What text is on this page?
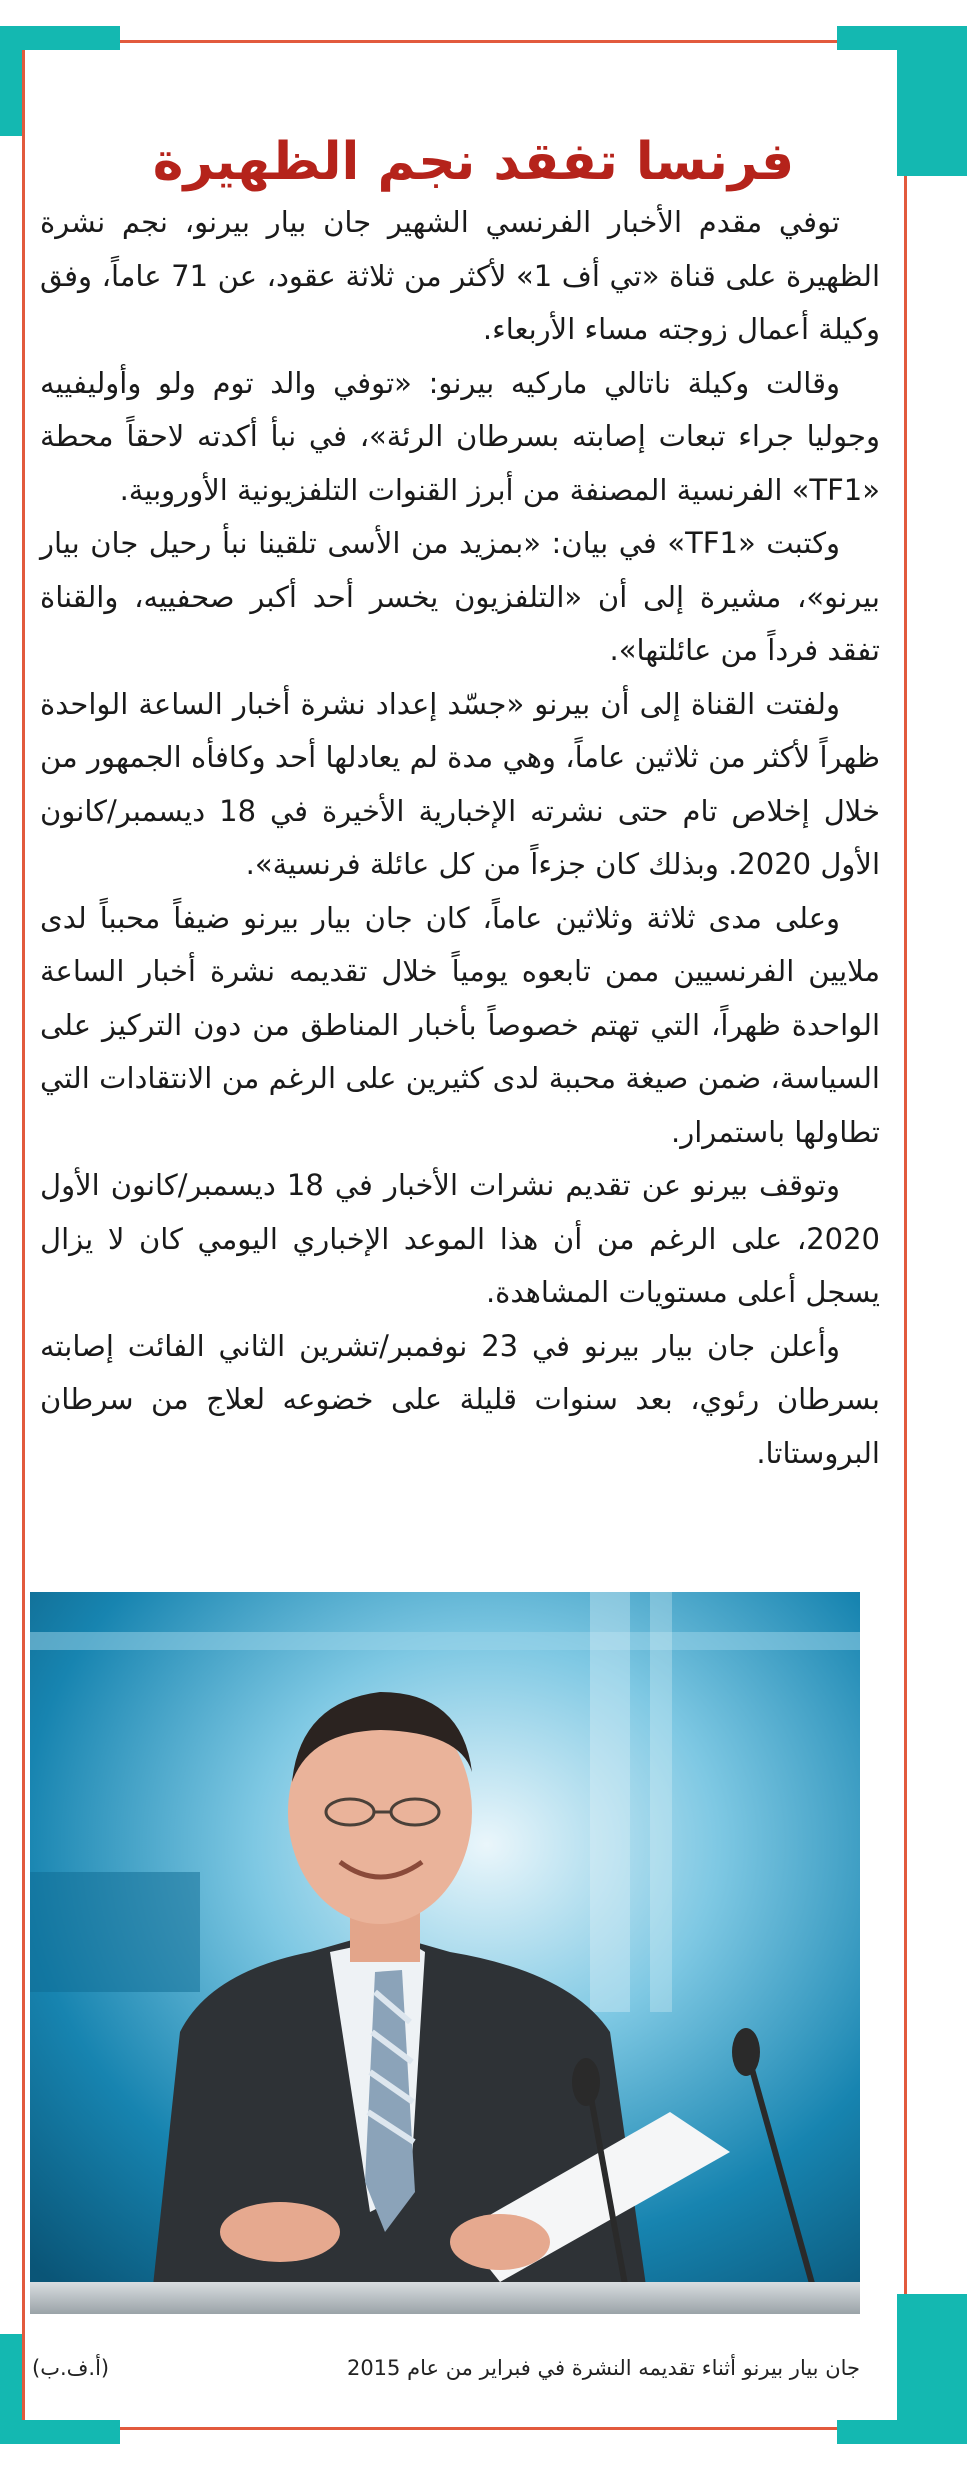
فرنسا تفقد نجم الظهيرة

توفي مقدم الأخبار الفرنسي الشهير جان بيار بيرنو، نجم نشرة الظهيرة على قناة «تي أف 1» لأكثر من ثلاثة عقود، عن 71 عاماً، وفق وكيلة أعمال زوجته مساء الأربعاء.

وقالت وكيلة ناتالي ماركيه بيرنو: «توفي والد توم ولو وأوليفييه وجوليا جراء تبعات إصابته بسرطان الرئة»، في نبأ أكدته لاحقاً محطة «TF1» الفرنسية المصنفة من أبرز القنوات التلفزيونية الأوروبية.

وكتبت «TF1» في بيان: «بمزيد من الأسى تلقينا نبأ رحيل جان بيار بيرنو»، مشيرة إلى أن «التلفزيون يخسر أحد أكبر صحفييه، والقناة تفقد فرداً من عائلتها».

ولفتت القناة إلى أن بيرنو «جسّد إعداد نشرة أخبار الساعة الواحدة ظهراً لأكثر من ثلاثين عاماً، وهي مدة لم يعادلها أحد وكافأه الجمهور من خلال إخلاص تام حتى نشرته الإخبارية الأخيرة في 18 ديسمبر/كانون الأول 2020. وبذلك كان جزءاً من كل عائلة فرنسية».

وعلى مدى ثلاثة وثلاثين عاماً، كان جان بيار بيرنو ضيفاً محبباً لدى ملايين الفرنسيين ممن تابعوه يومياً خلال تقديمه نشرة أخبار الساعة الواحدة ظهراً، التي تهتم خصوصاً بأخبار المناطق من دون التركيز على السياسة، ضمن صيغة محببة لدى كثيرين على الرغم من الانتقادات التي تطاولها باستمرار.

وتوقف بيرنو عن تقديم نشرات الأخبار في 18 ديسمبر/كانون الأول 2020، على الرغم من أن هذا الموعد الإخباري اليومي كان لا يزال يسجل أعلى مستويات المشاهدة.

وأعلن جان بيار بيرنو في 23 نوفمبر/تشرين الثاني الفائت إصابته بسرطان رئوي، بعد سنوات قليلة على خضوعه لعلاج من سرطان البروستاتا.

جان بيار بيرنو أثناء تقديمه النشرة في فبراير من عام 2015
(أ.ف.ب)
